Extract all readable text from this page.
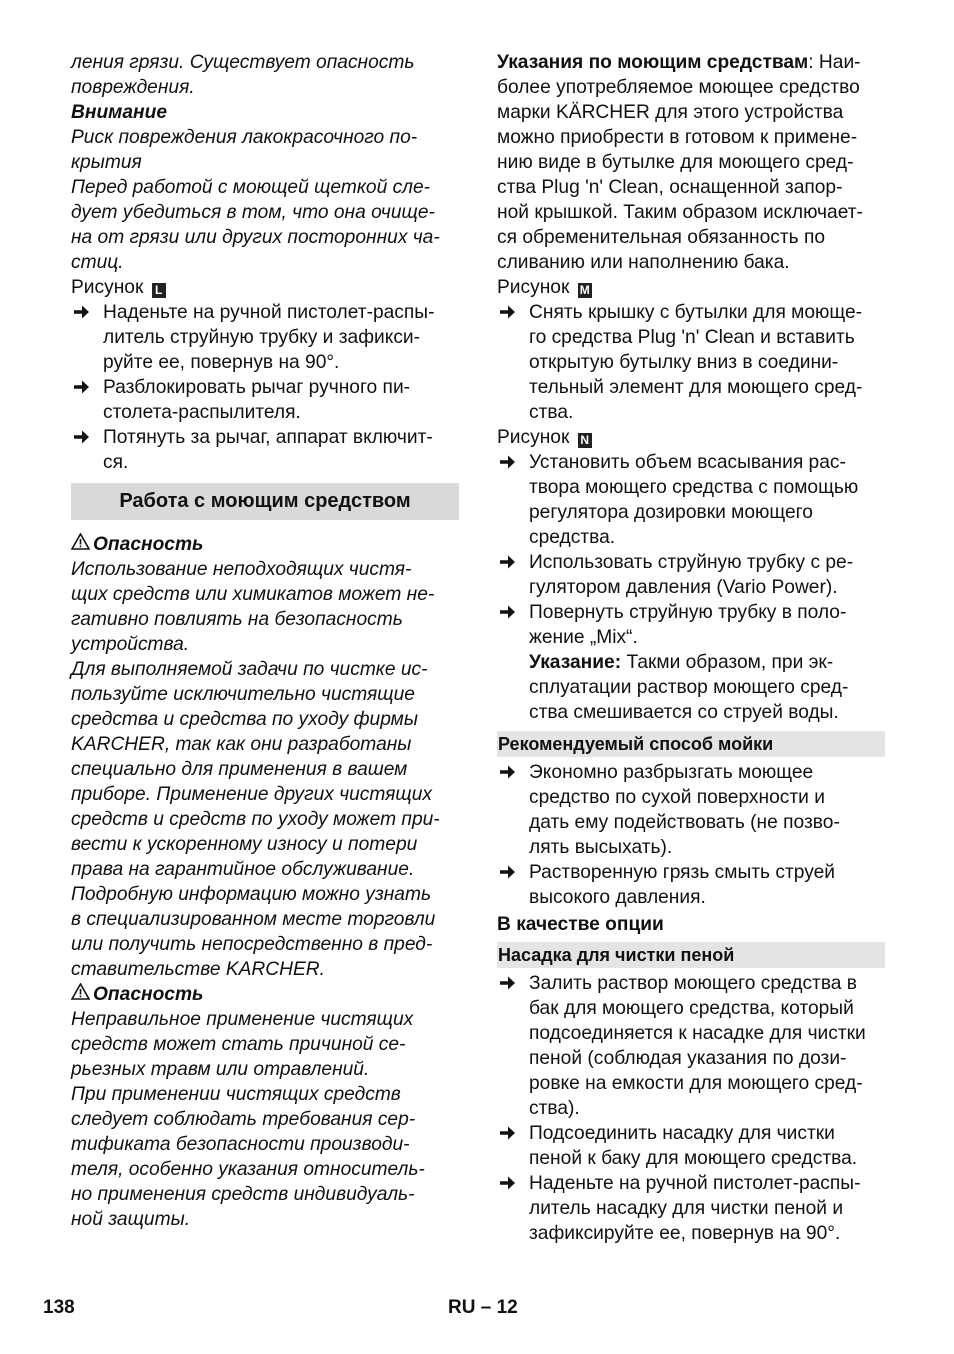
ления грязи. Существует опасность
повреждения.
Внимание
Риск повреждения лакокрасочного по-
крытия
Перед работой с моющей щеткой сле-
дует убедиться в том, что она очище-
на от грязи или других посторонних ча-
стиц.
Рисунок L
Наденьте на ручной пистолет-распы-
литель струйную трубку и зафикси-
руйте ее, повернув на 90°.
Разблокировать рычаг ручного пи-
столета-распылителя.
Потянуть за рычаг, аппарат включит-
ся.
Работа с моющим средством
Опасность
Использование неподходящих чистя-
щих средств или химикатов может не-
гативно повлиять на безопасность
устройства.
Для выполняемой задачи по чистке ис-
пользуйте исключительно чистящие
средства и средства по уходу фирмы
KARCHER, так как они разработаны
специально для применения в вашем
приборе. Применение других чистящих
средств и средств по уходу может при-
вести к ускоренному износу и потери
права на гарантийное обслуживание.
Подробную информацию можно узнать
в специализированном месте торговли
или получить непосредственно в пред-
ставительстве KARCHER.
Опасность
Неправильное применение чистящих
средств может стать причиной се-
рьезных травм или отравлений.
При применении чистящих средств
следует соблюдать требования сер-
тификата безопасности производи-
теля, особенно указания относитель-
но применения средств индивидуаль-
ной защиты.
Указания по моющим средствам: Наи-
более употребляемое моющее средство
марки KÄRCHER для этого устройства
можно приобрести в готовом к примене-
нию виде в бутылке для моющего сред-
ства Plug 'n' Clean, оснащенной запор-
ной крышкой. Таким образом исключает-
ся обременительная обязанность по
сливанию или наполнению бака.
Рисунок M
Снять крышку с бутылки для моюще-
го средства Plug 'n' Clean и вставить
открытую бутылку вниз в соедини-
тельный элемент для моющего сред-
ства.
Рисунок N
Установить объем всасывания рас-
твора моющего средства с помощью
регулятора дозировки моющего
средства.
Использовать струйную трубку с ре-
гулятором давления (Vario Power).
Повернуть струйную трубку в поло-
жение „Mix“.
Указание: Такми образом, при эк-
сплуатации раствор моющего сред-
ства смешивается со струей воды.
Рекомендуемый способ мойки
Экономно разбрызгать моющее
средство по сухой поверхности и
дать ему подействовать (не позво-
лять высыхать).
Растворенную грязь смыть струей
высокого давления.
В качестве опции
Насадка для чистки пеной
Залить раствор моющего средства в
бак для моющего средства, который
подсоединяется к насадке для чистки
пеной (соблюдая указания по дози-
ровке на емкости для моющего сред-
ства).
Подсоединить насадку для чистки
пеной к баку для моющего средства.
Наденьте на ручной пистолет-распы-
литель насадку для чистки пеной и
зафиксируйте ее, повернув на 90°.
138	RU – 12
